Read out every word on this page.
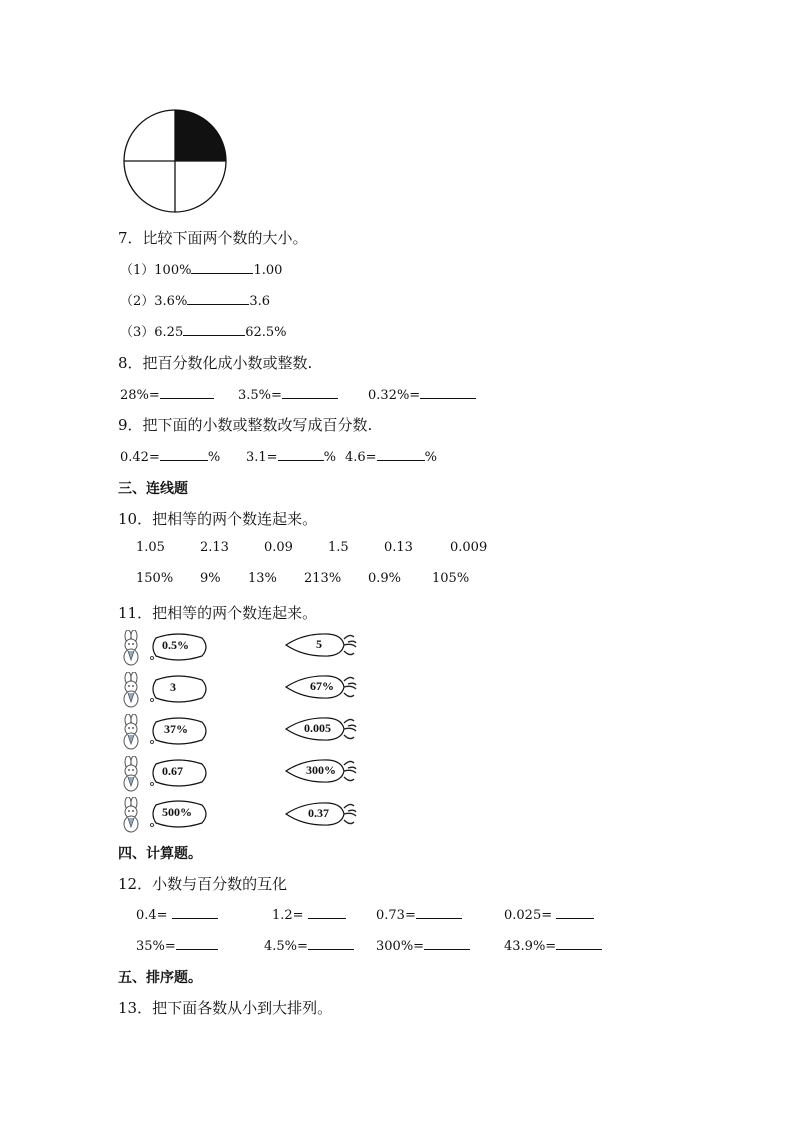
7．比较下面两个数的大小。
（1）100%	1.00
（2）3.6%	3.6
（3）6.25	62.5%
8．把百分数化成小数或整数.
28%=	3.5%=	0.32%=
9．把下面的小数或整数改写成百分数.
0.42=	% 3.1=	% 4.6=	%
三、连线题
10．把相等的两个数连起来。
1.05	2.13	0.09	1.5	0.13	0.009
150% 9% 13% 213% 0.9% 105%
11．把相等的两个数连起来。
0.5%
3
37%
0.67
500%
5
67%
0.005
300%
0.37
四、计算题。
12．小数与百分数的互化
0.4=	1.2=	0.73=	0.025=
35%=	4.5%=	300%=	43.9%=
五、排序题。
13．把下面各数从小到大排列。
